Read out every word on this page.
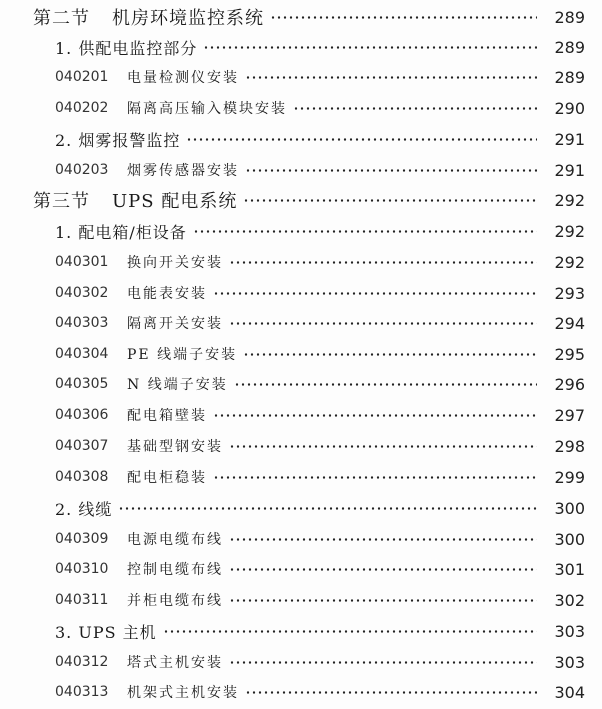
第二节 机房环境监控系统	289
1. 供配电监控部分	289
040201	电量检测仪安装	289
040202	隔离高压输入模块安装	290
2. 烟雾报警监控	291
040203	烟雾传感器安装	291
第三节 UPS 配电系统	292
1. 配电箱/柜设备	292
040301	换向开关安装	292
040302	电能表安装	293
040303	隔离开关安装	294
040304	PE 线端子安装	295
040305	N 线端子安装	296
040306	配电箱壁装	297
040307	基础型钢安装	298
040308	配电柜稳装	299
2. 线缆	300
040309	电源电缆布线	300
040310	控制电缆布线	301
040311	并柜电缆布线	302
3. UPS 主机	303
040312	塔式主机安装	303
040313	机架式主机安装	304
